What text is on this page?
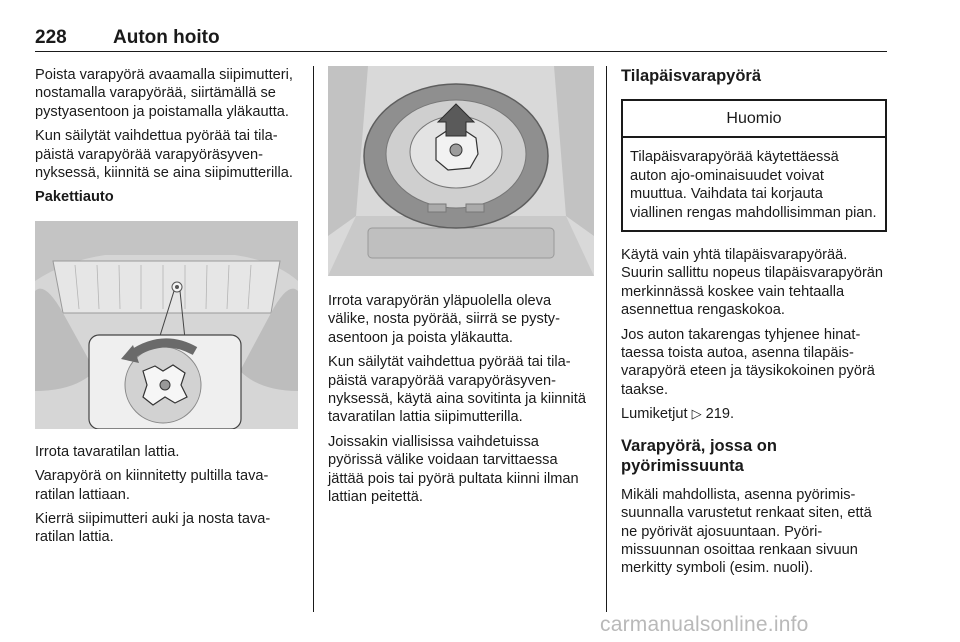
228 Auton hoito

Poista varapyörä avaamalla siipimutteri, nostamalla varapyörää, siirtämällä se pystyasentoon ja poistamalla yläkautta.

Kun säilytät vaihdettua pyörää tai tilapäistä varapyörää varapyöräsyvennyksessä, kiinnitä se aina siipimutterilla.

Pakettiauto

Irrota tavaratilan lattia.

Varapyörä on kiinnitetty pultilla tavaratilan lattiaan.

Kierrä siipimutteri auki ja nosta tavaratilan lattia.

Irrota varapyörän yläpuolella oleva välike, nosta pyörää, siirrä se pystyasentoon ja poista yläkautta.

Kun säilytät vaihdettua pyörää tai tilapäistä varapyörää varapyöräsyvennyksessä, käytä aina sovitinta ja kiinnitä tavaratilan lattia siipimutterilla.

Joissakin viallisissa vaihdetuissa pyörissä välike voidaan tarvittaessa jättää pois tai pyörä pultata kiinni ilman lattian peitettä.

Tilapäisvarapyörä
Huomio
Tilapäisvarapyörää käytettäessä auton ajo-ominaisuudet voivat muuttua. Vaihdata tai korjauta viallinen rengas mahdollisimman pian.

Käytä vain yhtä tilapäisvarapyörää. Suurin sallittu nopeus tilapäisvarapyörän merkinnässä koskee vain tehtaalla asennettua rengaskokoa.

Jos auton takarengas tyhjenee hinattaessa toista autoa, asenna tilapäisvarapyörä eteen ja täysikokoinen pyörä taakse.

Lumiketjut ▷ 219.

Varapyörä, jossa on pyörimissuunta

Mikäli mahdollista, asenna pyörimissuunnalla varustetut renkaat siten, että ne pyörivät ajosuuntaan. Pyörimissuunnan osoittaa renkaan sivuun merkitty symboli (esim. nuoli).

carmanualsonline.info
